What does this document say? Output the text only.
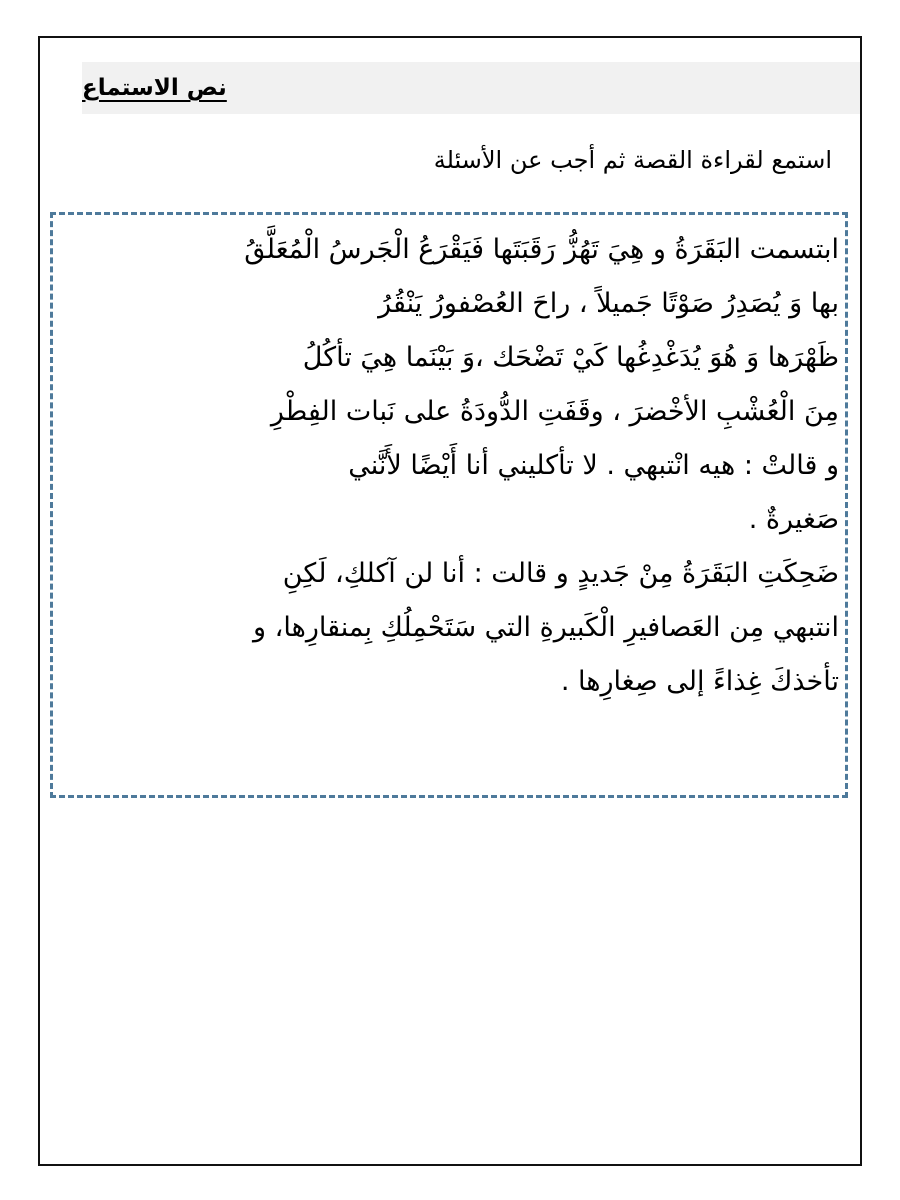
نص الاستماع
استمع لقراءة القصة ثم أجب عن الأسئلة
ابتسمت البَقَرَةُ و هِيَ تَهُزُّ رَقَبَتَها فَيَقْرَعُ الْجَرسُ الْمُعَلَّقُ
بها وَ يُصَدِرُ صَوْتًا جَميلاً ، راحَ العُصْفورُ يَنْقُرُ
ظَهْرَها وَ هُوَ يُدَغْدِغُها كَيْ تَضْحَك ،وَ بَيْنَما هِيَ تأكُلُ
مِنَ الْعُشْبِ الأخْضرَ ، وقَفَتِ الدُّودَةُ على نَبات الفِطْرِ
و قالتْ : هيه انْتبهي . لا تأكليني أنا أَيْضًا لأَنَّني
صَغيرةٌ .
ضَحِكَتِ البَقَرَةُ مِنْ جَديدٍ و قالت : أنا لن آكلكِ، لَكِنِ
انتبهي مِن العَصافيرِ الْكَبيرةِ التي سَتَحْمِلُكِ بِمنقارِها، و
تأخذكَ غِذاءً إلى صِغارِها .
